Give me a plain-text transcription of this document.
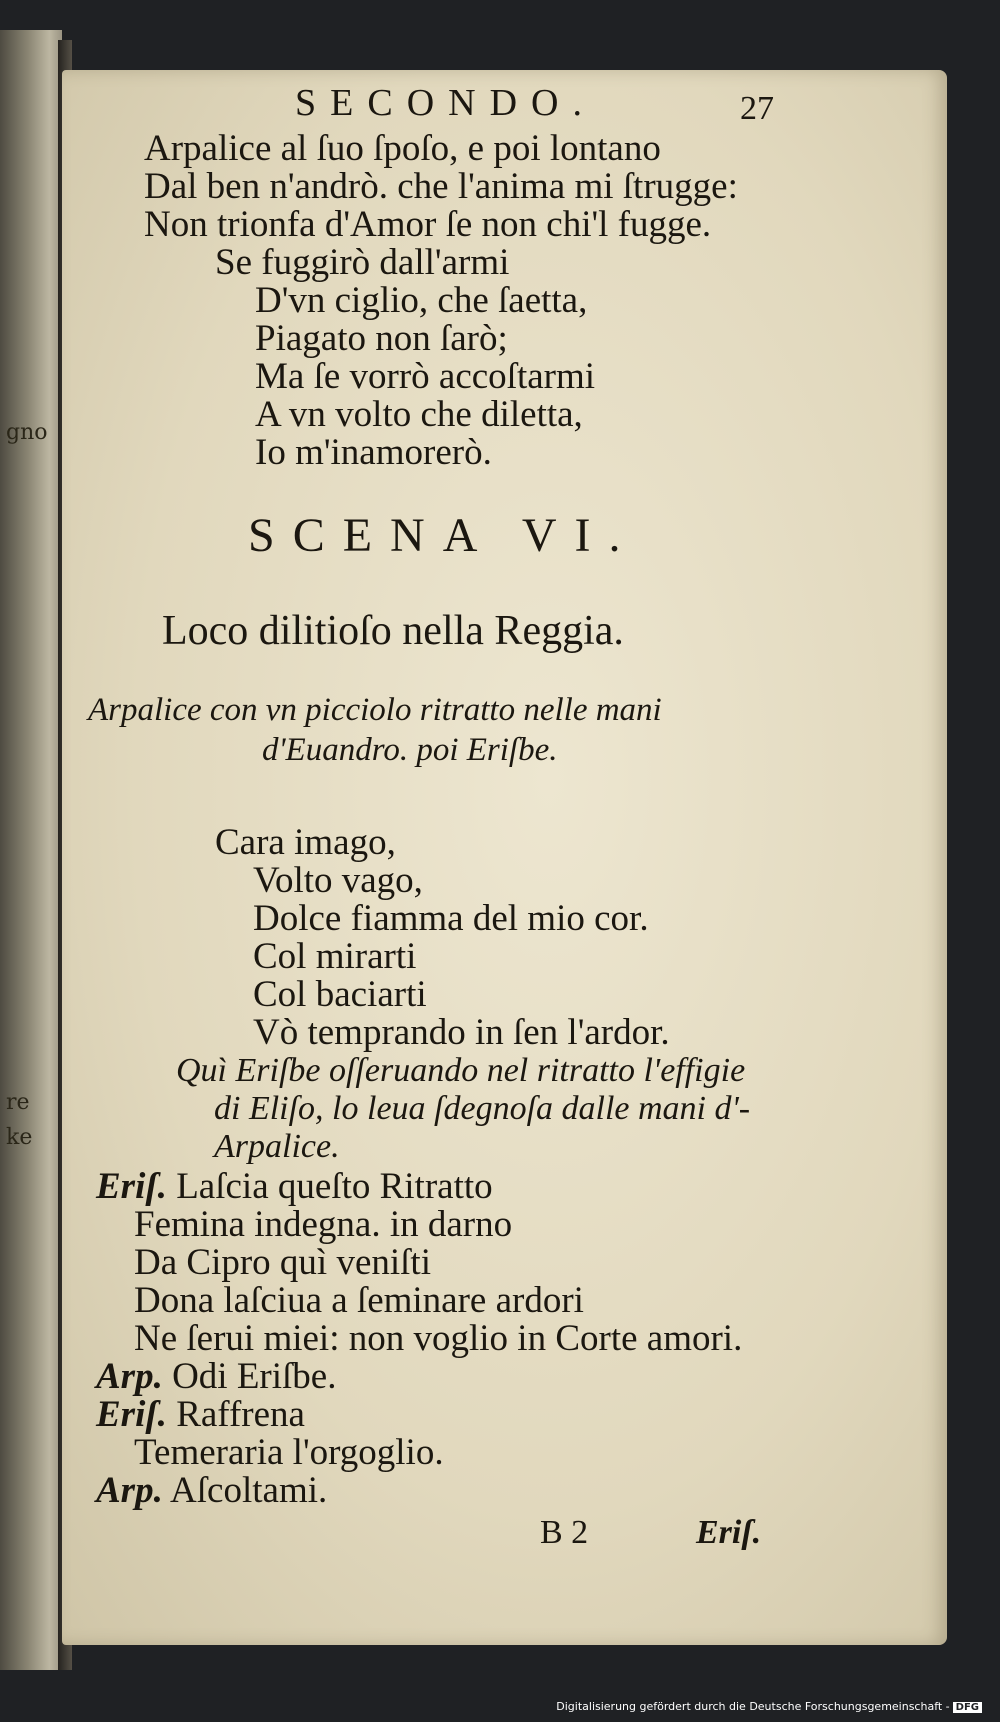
gno
re
ke
SECONDO.	27
Arpalice al ſuo ſpoſo, e poi lontano
Dal ben n'andrò. che l'anima mi ſtrugge:
Non trionfa d'Amor ſe non chi'l fugge.
Se fuggirò dall'armi
D'vn ciglio, che ſaetta,
Piagato non ſarò;
Ma ſe vorrò accoſtarmi
A vn volto che diletta,
Io m'inamorerò.
SCENA VI.
Loco dilitioſo nella Reggia.
Arpalice con vn picciolo ritratto nelle mani
d'Euandro. poi Eriſbe.
Cara imago,
Volto vago,
Dolce fiamma del mio cor.
Col mirarti
Col baciarti
Vò temprando in ſen l'ardor.
Quì Eriſbe oſſeruando nel ritratto l'effigie
di Eliſo, lo leua ſdegnoſa dalle mani d'-
Arpalice.
Eriſ. Laſcia queſto Ritratto
Femina indegna. in darno
Da Cipro quì veniſti
Dona laſciua a ſeminare ardori
Ne ſerui miei: non voglio in Corte amori.
Arp. Odi Eriſbe.
Eriſ. Raffrena
Temeraria l'orgoglio.
Arp. Aſcoltami.
B 2	Eriſ.
Digitalisierung gefördert durch die Deutsche Forschungsgemeinschaft - DFG
